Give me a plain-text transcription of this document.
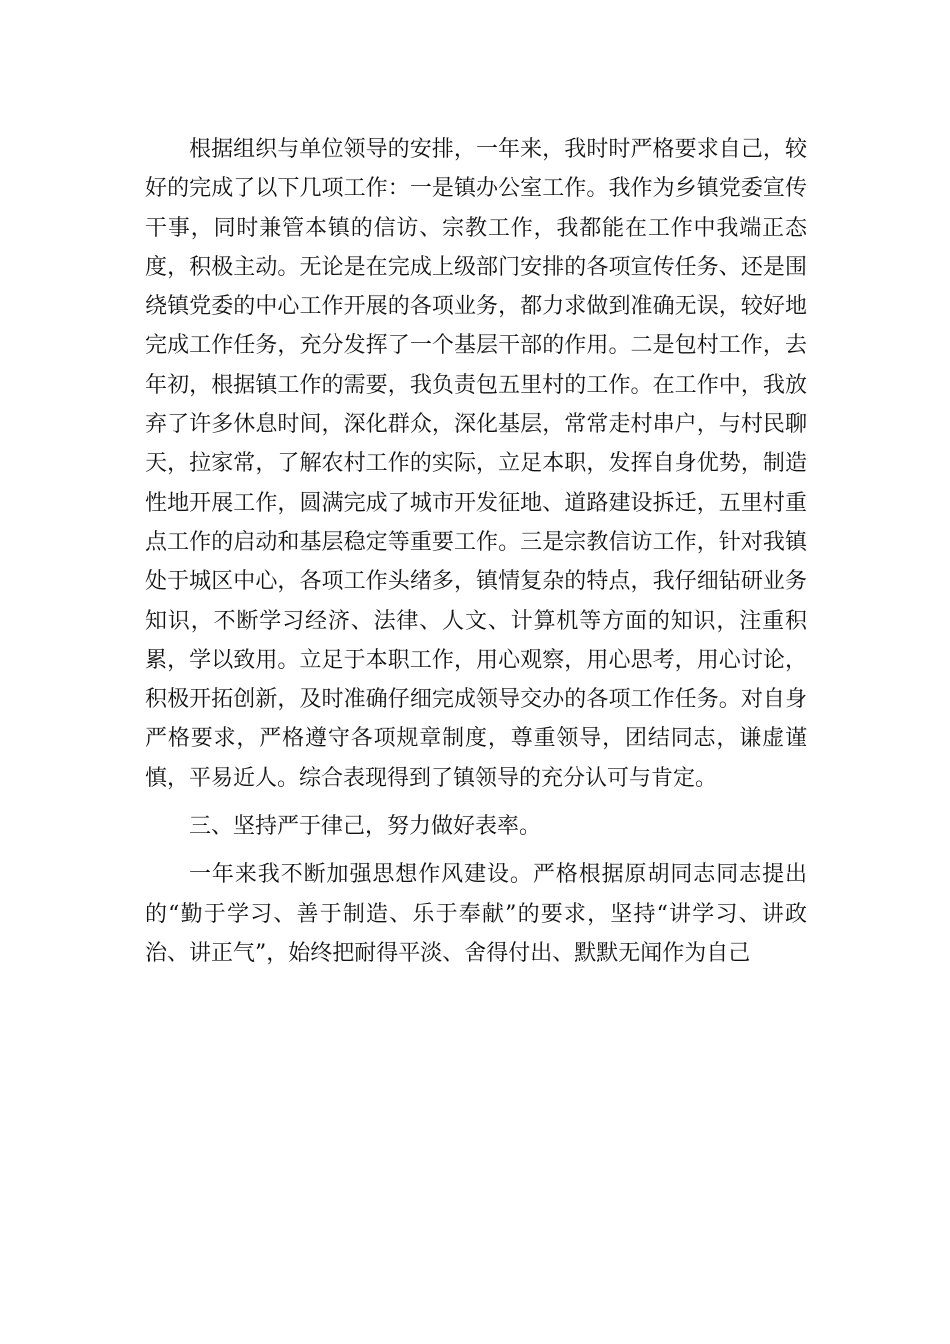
根据组织与单位领导的安排，一年来，我时时严格要求自己，较好的完成了以下几项工作：一是镇办公室工作。我作为乡镇党委宣传干事，同时兼管本镇的信访、宗教工作，我都能在工作中我端正态度，积极主动。无论是在完成上级部门安排的各项宣传任务、还是围绕镇党委的中心工作开展的各项业务，都力求做到准确无误，较好地完成工作任务，充分发挥了一个基层干部的作用。二是包村工作，去年初，根据镇工作的需要，我负责包五里村的工作。在工作中，我放弃了许多休息时间，深化群众，深化基层，常常走村串户，与村民聊天，拉家常，了解农村工作的实际，立足本职，发挥自身优势，制造性地开展工作，圆满完成了城市开发征地、道路建设拆迁，五里村重点工作的启动和基层稳定等重要工作。三是宗教信访工作，针对我镇处于城区中心，各项工作头绪多，镇情复杂的特点，我仔细钻研业务知识，不断学习经济、法律、人文、计算机等方面的知识，注重积累，学以致用。立足于本职工作，用心观察，用心思考，用心讨论，积极开拓创新，及时准确仔细完成领导交办的各项工作任务。对自身严格要求，严格遵守各项规章制度，尊重领导，团结同志，谦虚谨慎，平易近人。综合表现得到了镇领导的充分认可与肯定。

三、坚持严于律己，努力做好表率。

一年来我不断加强思想作风建设。严格根据原胡同志同志提出的“勤于学习、善于制造、乐于奉献”的要求，坚持“讲学习、讲政治、讲正气”，始终把耐得平淡、舍得付出、默默无闻作为自己
